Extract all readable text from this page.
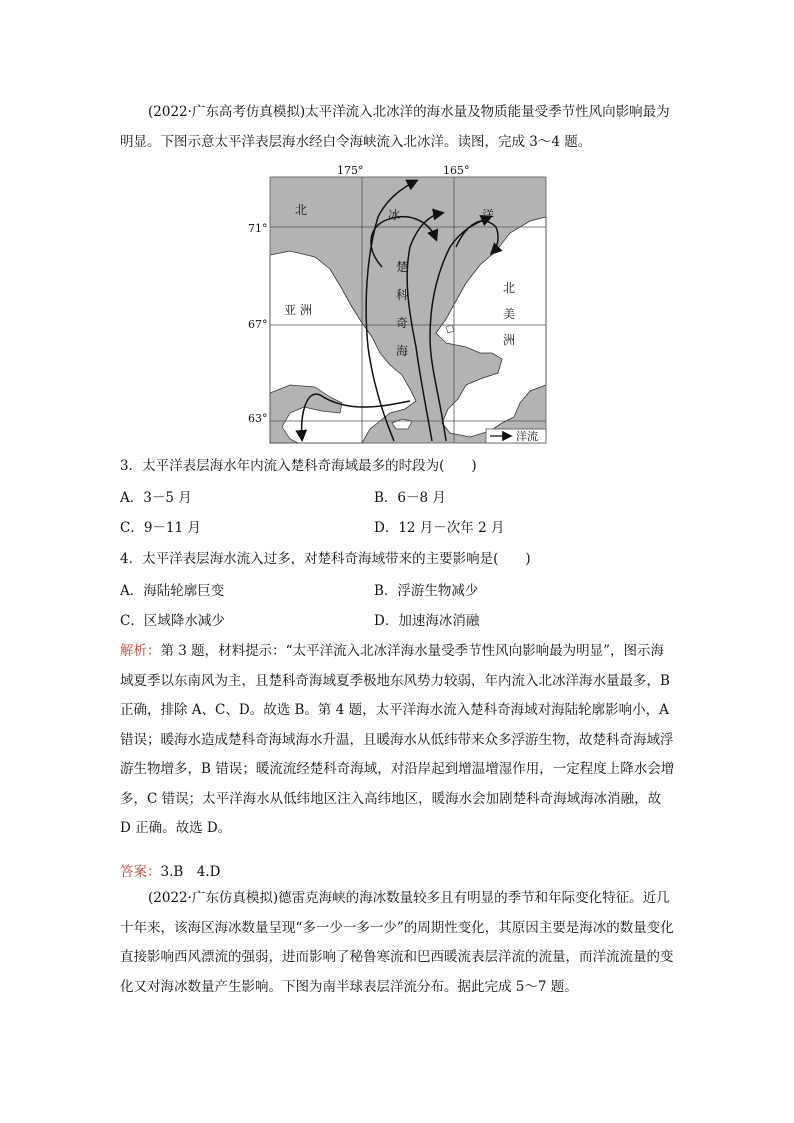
(2022·广东高考仿真模拟)太平洋流入北冰洋的海水量及物质能量受季节性风向影响最为明显。下图示意太平洋表层海水经白令海峡流入北冰洋。读图，完成 3～4 题。

175°	165°
71°
67°
63°
北	冰	洋
亚 洲
楚
科
奇
海
北
美
洲
洋流
3．太平洋表层海水年内流入楚科奇海域最多的时段为(　　)
A．3－5 月	B．6－8 月
C．9－11 月	D．12 月－次年 2 月
4．太平洋表层海水流入过多，对楚科奇海域带来的主要影响是(　　)
A．海陆轮廓巨变	B．浮游生物减少
C．区域降水减少	D．加速海冰消融

解析：第 3 题，材料提示：“太平洋流入北冰洋海水量受季节性风向影响最为明显”，图示海域夏季以东南风为主，且楚科奇海域夏季极地东风势力较弱，年内流入北冰洋海水量最多，B 正确，排除 A、C、D。故选 B。第 4 题，太平洋海水流入楚科奇海域对海陆轮廓影响小，A 错误；暖海水造成楚科奇海域海水升温，且暖海水从低纬带来众多浮游生物，故楚科奇海域浮游生物增多，B 错误；暖流流经楚科奇海域，对沿岸起到增温增湿作用，一定程度上降水会增多，C 错误；太平洋海水从低纬地区注入高纬地区，暖海水会加剧楚科奇海域海冰消融，故 D 正确。故选 D。

答案：3.B　4.D

(2022·广东仿真模拟)德雷克海峡的海冰数量较多且有明显的季节和年际变化特征。近几十年来，该海区海冰数量呈现“多一少一多一少”的周期性变化，其原因主要是海冰的数量变化直接影响西风漂流的强弱，进而影响了秘鲁寒流和巴西暖流表层洋流的流量，而洋流流量的变化又对海冰数量产生影响。下图为南半球表层洋流分布。据此完成 5～7 题。
